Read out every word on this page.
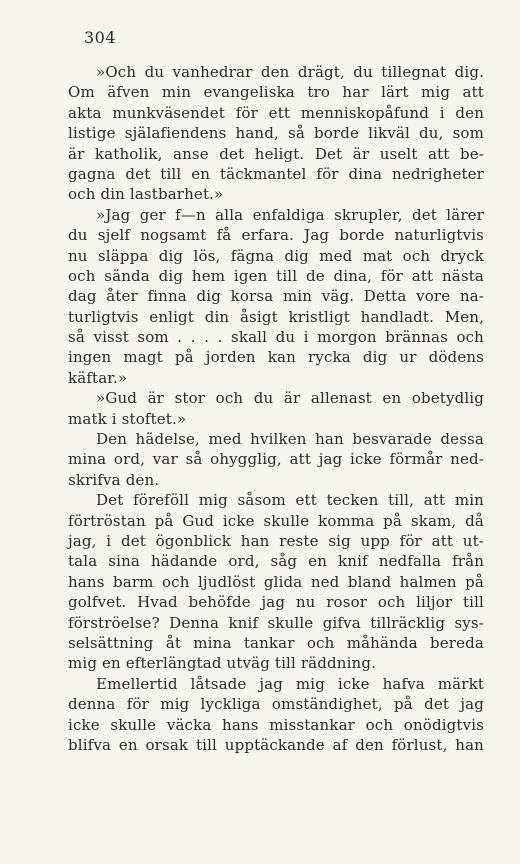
304
»Och du vanhedrar den drägt, du tillegnat dig.
Om äfven min evangeliska tro har lärt mig att
akta munkväsendet för ett menniskopåfund i den
listige själafiendens hand, så borde likväl du, som
är katholik, anse det heligt. Det är uselt att be-
gagna det till en täckmantel för dina nedrigheter
och din lastbarhet.»
»Jag ger f—n alla enfaldiga skrupler, det lärer
du sjelf nogsamt få erfara. Jag borde naturligtvis
nu släppa dig lös, fägna dig med mat och dryck
och sända dig hem igen till de dina, för att nästa
dag åter finna dig korsa min väg. Detta vore na-
turligtvis enligt din åsigt kristligt handladt. Men,
så visst som . . . . skall du i morgon brännas och
ingen magt på jorden kan rycka dig ur dödens
käftar.»
»Gud är stor och du är allenast en obetydlig
matk i stoftet.»
Den hädelse, med hvilken han besvarade dessa
mina ord, var så ohygglig, att jag icke förmår ned-
skrifva den.
Det föreföll mig såsom ett tecken till, att min
förtröstan på Gud icke skulle komma på skam, då
jag, i det ögonblick han reste sig upp för att ut-
tala sina hädande ord, såg en knif nedfalla från
hans barm och ljudlöst glida ned bland halmen på
golfvet. Hvad behöfde jag nu rosor och liljor till
förströelse? Denna knif skulle gifva tillräcklig sys-
selsättning åt mina tankar och måhända bereda
mig en efterlängtad utväg till räddning.
Emellertid låtsade jag mig icke hafva märkt
denna för mig lyckliga omständighet, på det jag
icke skulle väcka hans misstankar och onödigtvis
blifva en orsak till upptäckande af den förlust, han
